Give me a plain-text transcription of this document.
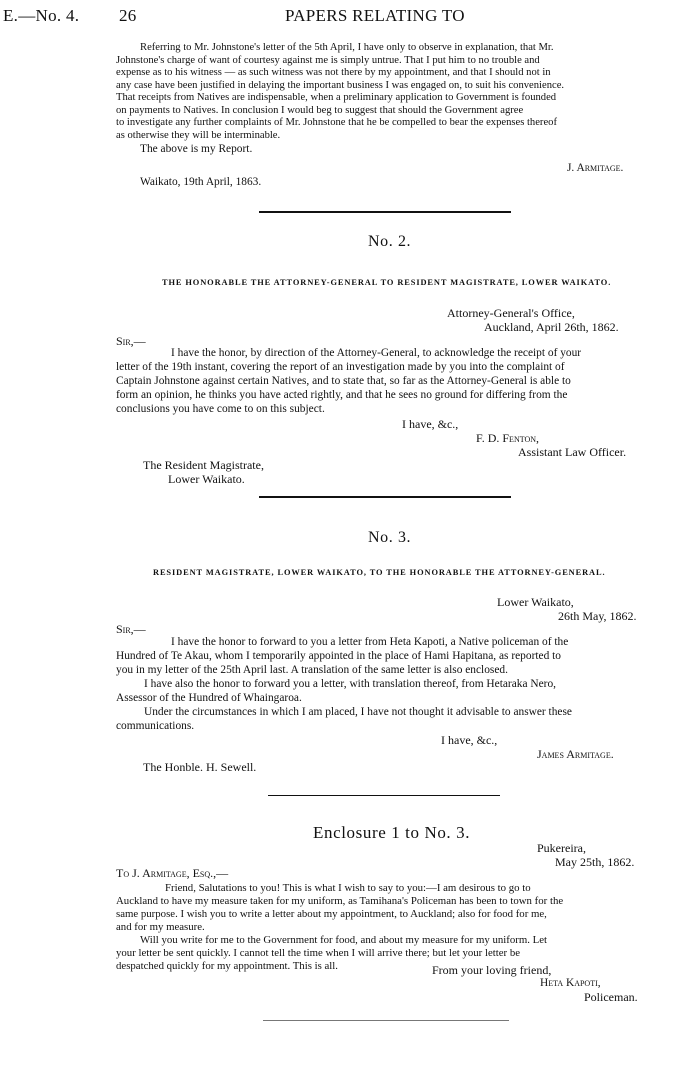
E.—No. 4. 26	PAPERS RELATING TO
Referring to Mr. Johnstone's letter of the 5th April, I have only to observe in explanation, that Mr.
Johnstone's charge of want of courtesy against me is simply untrue. That I put him to no trouble and
expense as to his witness — as such witness was not there by my appointment, and that I should not in
any case have been justified in delaying the important business I was engaged on, to suit his convenience.
That receipts from Natives are indispensable, when a preliminary application to Government is founded
on payments to Natives. In conclusion I would beg to suggest that should the Government agree
to investigate any further complaints of Mr. Johnstone that he be compelled to bear the expenses thereof
as otherwise they will be interminable.
The above is my Report.
J. Armitage.
Waikato, 19th April, 1863.
No. 2.
THE HONORABLE THE ATTORNEY-GENERAL TO RESIDENT MAGISTRATE, LOWER WAIKATO.
Attorney-General's Office,
Auckland, April 26th, 1862.
Sir,—
I have the honor, by direction of the Attorney-General, to acknowledge the receipt of your
letter of the 19th instant, covering the report of an investigation made by you into the complaint of
Captain Johnstone against certain Natives, and to state that, so far as the Attorney-General is able to
form an opinion, he thinks you have acted rightly, and that he sees no ground for differing from the
conclusions you have come to on this subject.
I have, &c.,
F. D. Fenton,
Assistant Law Officer.
The Resident Magistrate,
Lower Waikato.
No. 3.
RESIDENT MAGISTRATE, LOWER WAIKATO, TO THE HONORABLE THE ATTORNEY-GENERAL.
Lower Waikato,
26th May, 1862.
Sir,—
I have the honor to forward to you a letter from Heta Kapoti, a Native policeman of the
Hundred of Te Akau, whom I temporarily appointed in the place of Hami Hapitana, as reported to
you in my letter of the 25th April last. A translation of the same letter is also enclosed.
I have also the honor to forward you a letter, with translation thereof, from Hetaraka Nero,
Assessor of the Hundred of Whaingaroa.
Under the circumstances in which I am placed, I have not thought it advisable to answer these
communications.
I have, &c.,
James Armitage.
The Honble. H. Sewell.
Enclosure 1 to No. 3.
Pukereira,
May 25th, 1862.
To J. Armitage, Esq.,—
Friend, Salutations to you! This is what I wish to say to you:—I am desirous to go to
Auckland to have my measure taken for my uniform, as Tamihana's Policeman has been to town for the
same purpose. I wish you to write a letter about my appointment, to Auckland; also for food for me,
and for my measure.
Will you write for me to the Government for food, and about my measure for my uniform. Let
your letter be sent quickly. I cannot tell the time when I will arrive there; but let your letter be
despatched quickly for my appointment. This is all.	From your loving friend,
Heta Kapoti,
Policeman.
